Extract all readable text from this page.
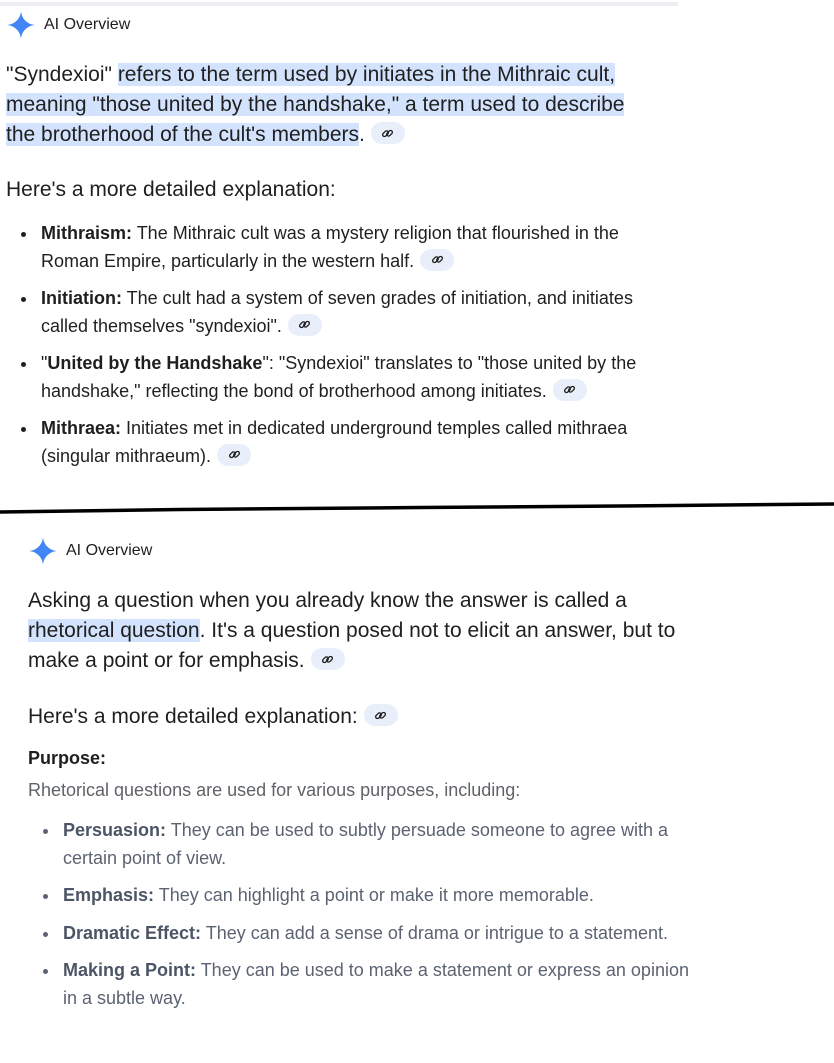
AI Overview

"Syndexioi" refers to the term used by initiates in the Mithraic cult, meaning "those united by the handshake," a term used to describe the brotherhood of the cult's members.

Here's a more detailed explanation:

Mithraism: The Mithraic cult was a mystery religion that flourished in the Roman Empire, particularly in the western half.
Initiation: The cult had a system of seven grades of initiation, and initiates called themselves "syndexioi".
"United by the Handshake": "Syndexioi" translates to "those united by the handshake," reflecting the bond of brotherhood among initiates.
Mithraea: Initiates met in dedicated underground temples called mithraea (singular mithraeum).
AI Overview

Asking a question when you already know the answer is called a rhetorical question. It's a question posed not to elicit an answer, but to make a point or for emphasis.

Here's a more detailed explanation:

Purpose:

Rhetorical questions are used for various purposes, including:

Persuasion: They can be used to subtly persuade someone to agree with a certain point of view.
Emphasis: They can highlight a point or make it more memorable.
Dramatic Effect: They can add a sense of drama or intrigue to a statement.
Making a Point: They can be used to make a statement or express an opinion in a subtle way.
